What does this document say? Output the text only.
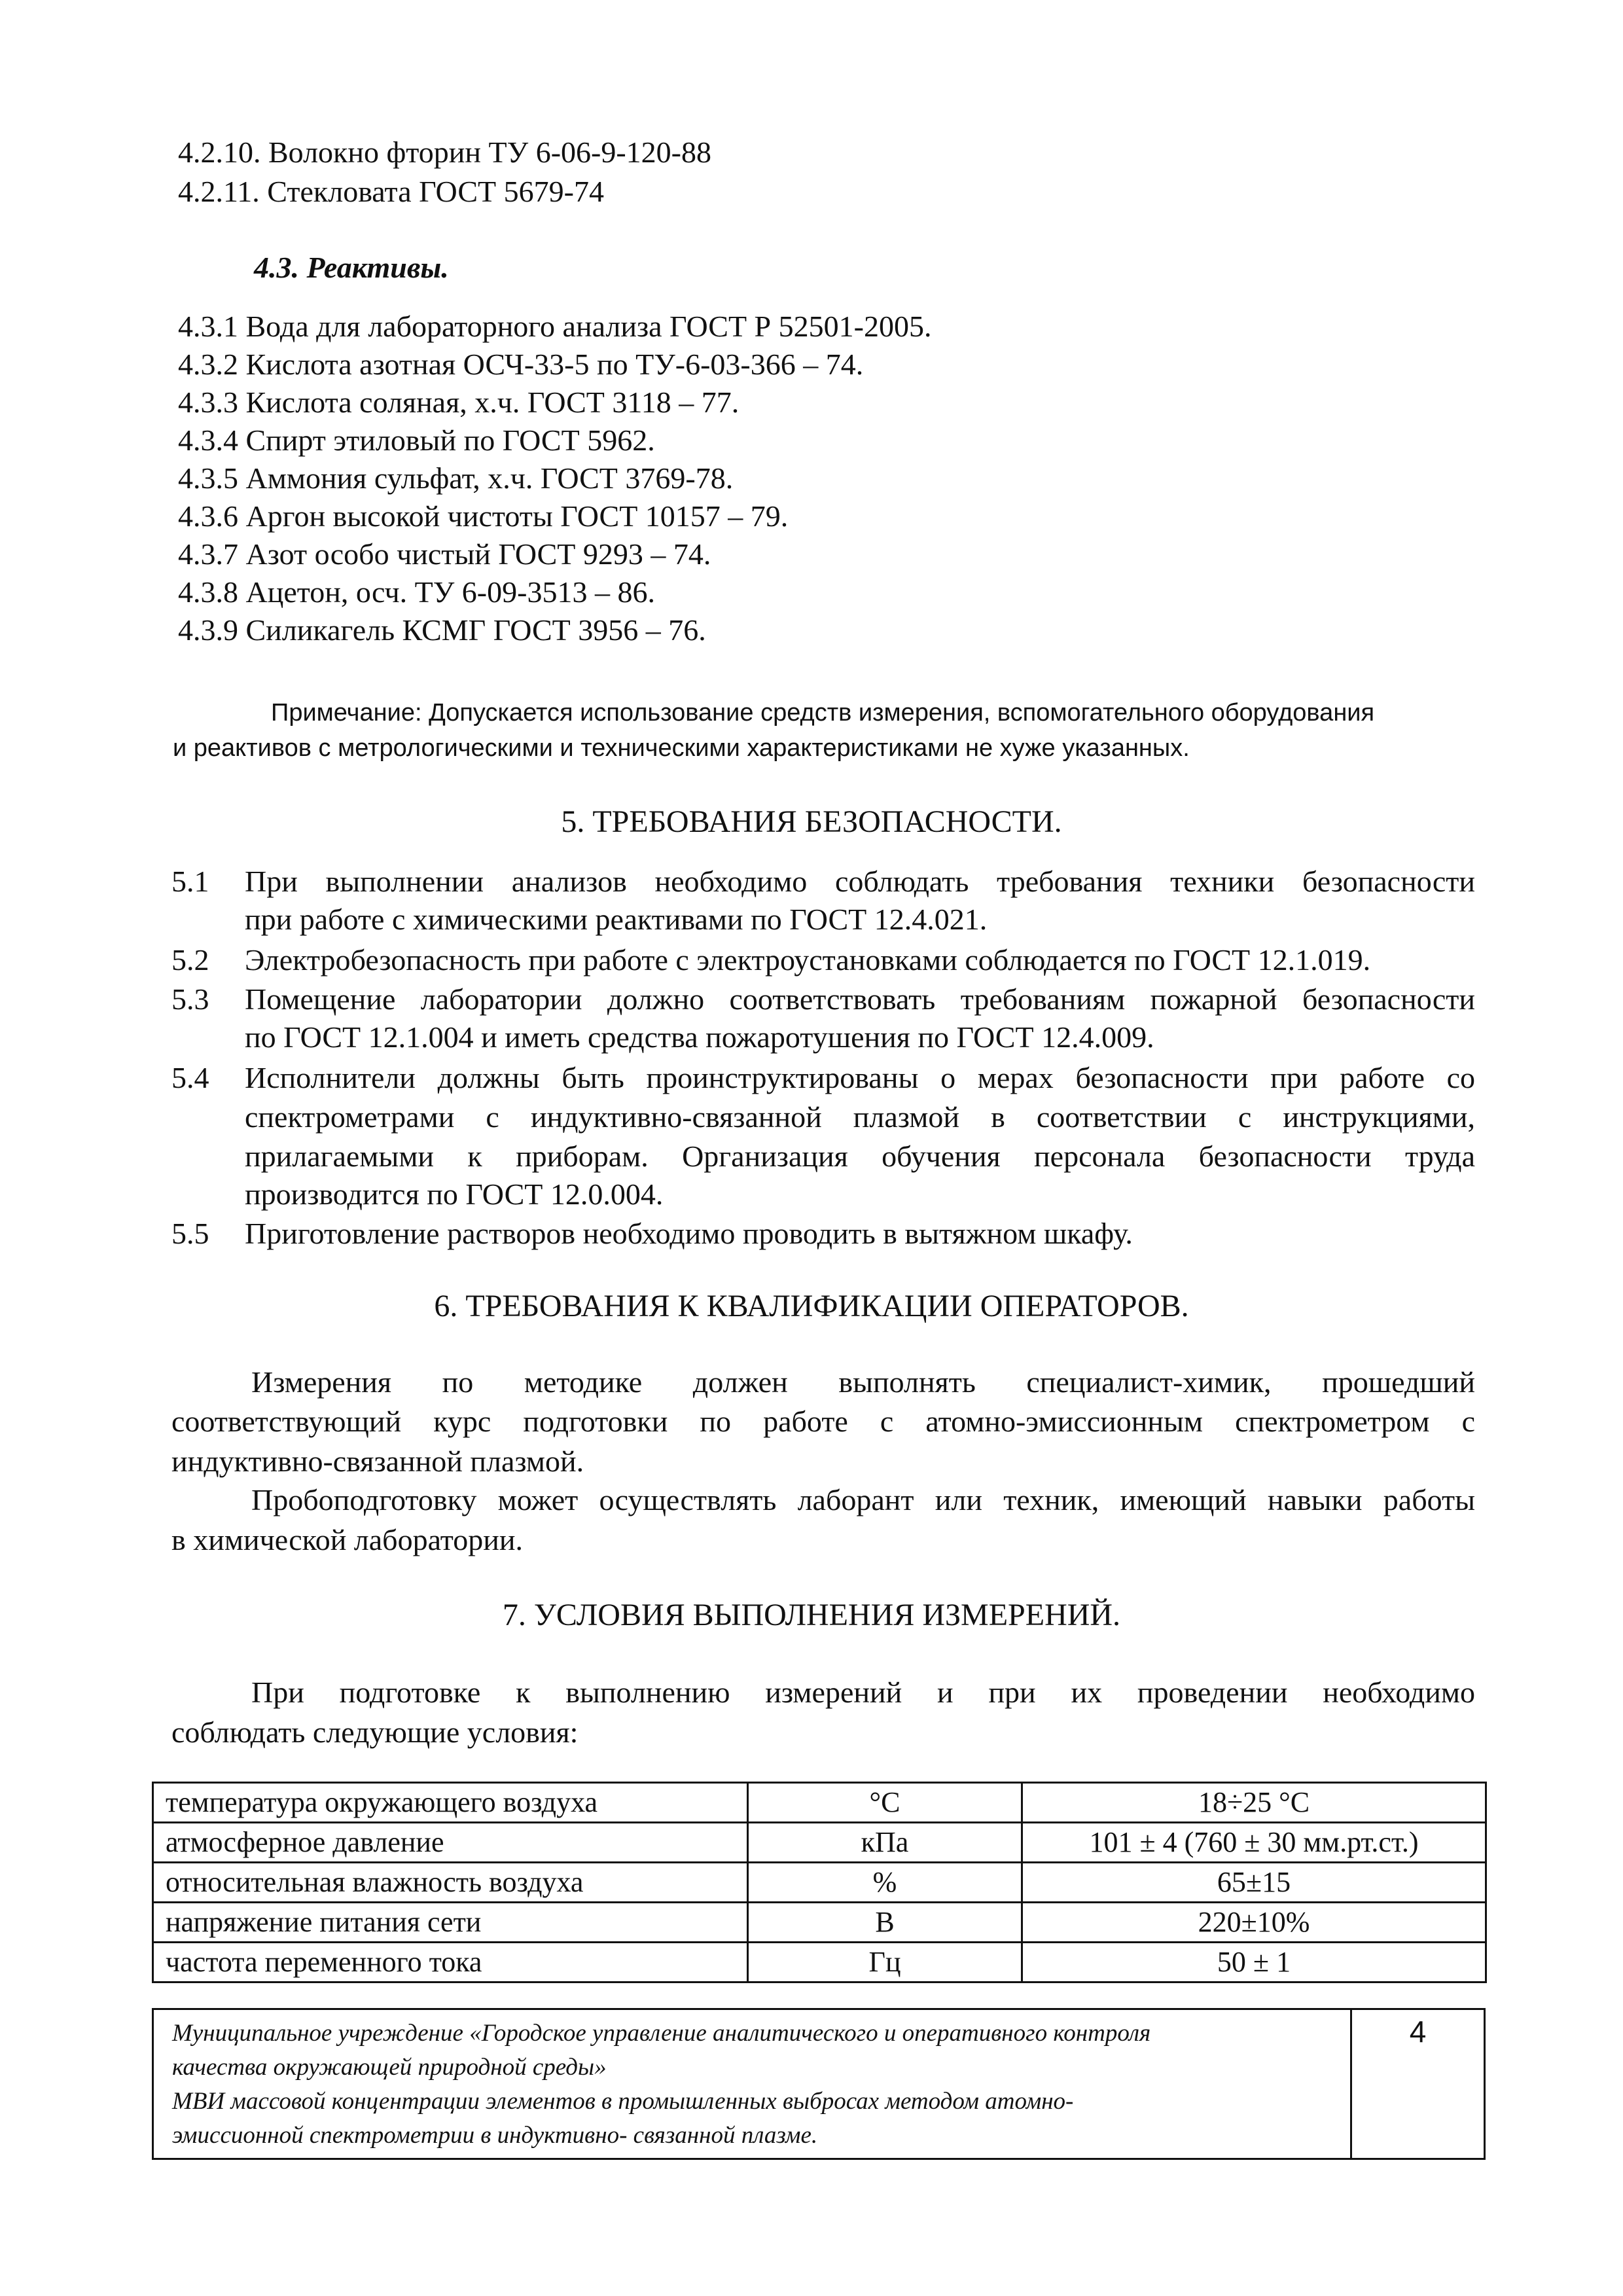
4.2.10. Волокно фторин ТУ 6-06-9-120-88
4.2.11. Стекловата ГОСТ 5679-74
4.3. Реактивы.
4.3.1 Вода для лабораторного анализа ГОСТ Р 52501-2005.
4.3.2 Кислота азотная ОСЧ-33-5 по ТУ-6-03-366 – 74.
4.3.3 Кислота соляная, х.ч. ГОСТ 3118 – 77.
4.3.4 Спирт этиловый по ГОСТ 5962.
4.3.5 Аммония сульфат, х.ч. ГОСТ 3769-78.
4.3.6 Аргон высокой чистоты ГОСТ 10157 – 79.
4.3.7 Азот особо чистый ГОСТ 9293 – 74.
4.3.8 Ацетон, осч. ТУ 6-09-3513 – 86.
4.3.9 Силикагель КСМГ ГОСТ 3956 – 76.
Примечание: Допускается использование средств измерения, вспомогательного оборудования
и реактивов с метрологическими и техническими характеристиками не хуже указанных.
5. ТРЕБОВАНИЯ БЕЗОПАСНОСТИ.
5.1 При выполнении анализов необходимо соблюдать требования техники безопасности
при работе с химическими реактивами по ГОСТ 12.4.021.
5.2 Электробезопасность при работе с электроустановками соблюдается по ГОСТ 12.1.019.
5.3 Помещение лаборатории должно соответствовать требованиям пожарной безопасности
по ГОСТ 12.1.004 и иметь средства пожаротушения по ГОСТ 12.4.009.
5.4 Исполнители должны быть проинструктированы о мерах безопасности при работе со
спектрометрами с индуктивно-связанной плазмой в соответствии с инструкциями,
прилагаемыми к приборам. Организация обучения персонала безопасности труда
производится по ГОСТ 12.0.004.
5.5 Приготовление растворов необходимо проводить в вытяжном шкафу.
6. ТРЕБОВАНИЯ К КВАЛИФИКАЦИИ ОПЕРАТОРОВ.
Измерения по методике должен выполнять специалист-химик, прошедший
соответствующий курс подготовки по работе с атомно-эмиссионным спектрометром с
индуктивно-связанной плазмой.
Пробоподготовку может осуществлять лаборант или техник, имеющий навыки работы
в химической лаборатории.
7. УСЛОВИЯ ВЫПОЛНЕНИЯ ИЗМЕРЕНИЙ.
При подготовке к выполнению измерений и при их проведении необходимо
соблюдать следующие условия:
температура окружающего воздуха	°С	18÷25 °С
атмосферное давление	кПа	101 ± 4 (760 ± 30 мм.рт.ст.)
относительная влажность воздуха	%	65±15
напряжение питания сети	В	220±10%
частота переменного тока	Гц	50 ± 1
Муниципальное учреждение «Городское управление аналитического и оперативного контроля
качества окружающей природной среды»
МВИ массовой концентрации элементов в промышленных выбросах методом атомно-
эмиссионной спектрометрии в индуктивно- связанной плазме.
4
